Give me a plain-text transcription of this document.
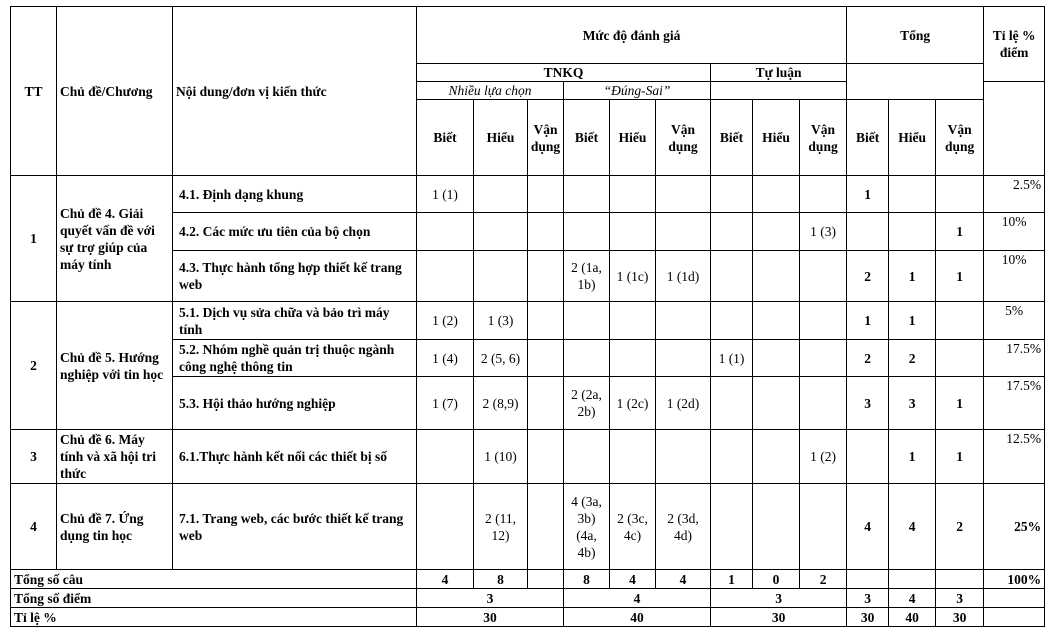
TT	Chủ đề/Chương	Nội dung/đơn vị kiến thức	Mức độ đánh giá									Tổng			Tỉ lệ % điểm
			TNKQ						Tự luận						
			Nhiều lựa chọn			“Đúng-Sai”									
			Biết	Hiểu	Vận dụng	Biết	Hiểu	Vận dụng	Biết	Hiểu	Vận dụng	Biết	Hiểu	Vận dụng	
1	Chủ đề 4. Giải quyết vấn đề với sự trợ giúp của máy tính	4.1. Định dạng khung	1 (1)									1			2.5%
		4.2. Các mức ưu tiên của bộ chọn									1 (3)			1	10%
		4.3. Thực hành tổng hợp thiết kế trang web				2 (1a, 1b)	1 (1c)	1 (1d)				2	1	1	10%
2	Chủ đề 5. Hướng nghiệp với tin học	5.1. Dịch vụ sửa chữa và bảo trì máy tính	1 (2)	1 (3)								1	1		5%
		5.2. Nhóm nghề quản trị thuộc ngành công nghệ thông tin	1 (4)	2 (5, 6)					1 (1)			2	2		17.5%
		5.3. Hội thảo hướng nghiệp	1 (7)	2 (8,9)		2 (2a, 2b)	1 (2c)	1 (2d)				3	3	1	17.5%
3	Chủ đề 6. Máy tính và xã hội tri thức	6.1.Thực hành kết nối các thiết bị số		1 (10)							1 (2)		1	1	12.5%
4	Chủ đề 7. Ứng dụng tin học	7.1. Trang web, các bước thiết kế trang web		2 (11, 12)		4 (3a, 3b) (4a, 4b)	2 (3c, 4c)	2 (3d, 4d)				4	4	2	25%
Tổng số câu			4	8		8	4	4	1	0	2				100%
Tổng số điểm			3			4			3			3	4	3	
Tỉ lệ %			30			40			30			30	40	30	
